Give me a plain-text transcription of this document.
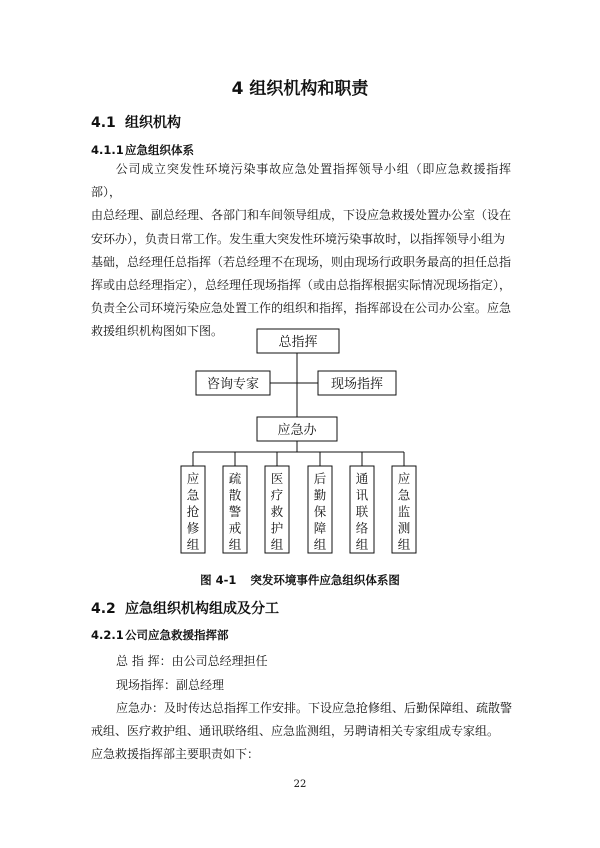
4 组织机构和职责
4.1 组织机构
4.1.1应急组织体系
公司成立突发性环境污染事故应急处置指挥领导小组（即应急救援指挥部），
由总经理、副总经理、各部门和车间领导组成，下设应急救援处置办公室（设在
安环办），负责日常工作。发生重大突发性环境污染事故时，以指挥领导小组为
基础，总经理任总指挥（若总经理不在现场，则由现场行政职务最高的担任总指
挥或由总经理指定），总经理任现场指挥（或由总指挥根据实际情况现场指定），
负责全公司环境污染应急处置工作的组织和指挥，指挥部设在公司办公室。应急
救援组织机构图如下图。
总指挥
咨询专家	现场指挥
应急办
应急抢修组
疏散警戒组
医疗救护组
后勤保障组
通讯联络组
应急监测组
图 4-1 突发环境事件应急组织体系图
4.2 应急组织机构组成及分工
4.2.1公司应急救援指挥部
总 指 挥：由公司总经理担任
现场指挥：副总经理
应急办：及时传达总指挥工作安排。下设应急抢修组、后勤保障组、疏散警
戒组、医疗救护组、通讯联络组、应急监测组，另聘请相关专家组成专家组。
应急救援指挥部主要职责如下：
22
